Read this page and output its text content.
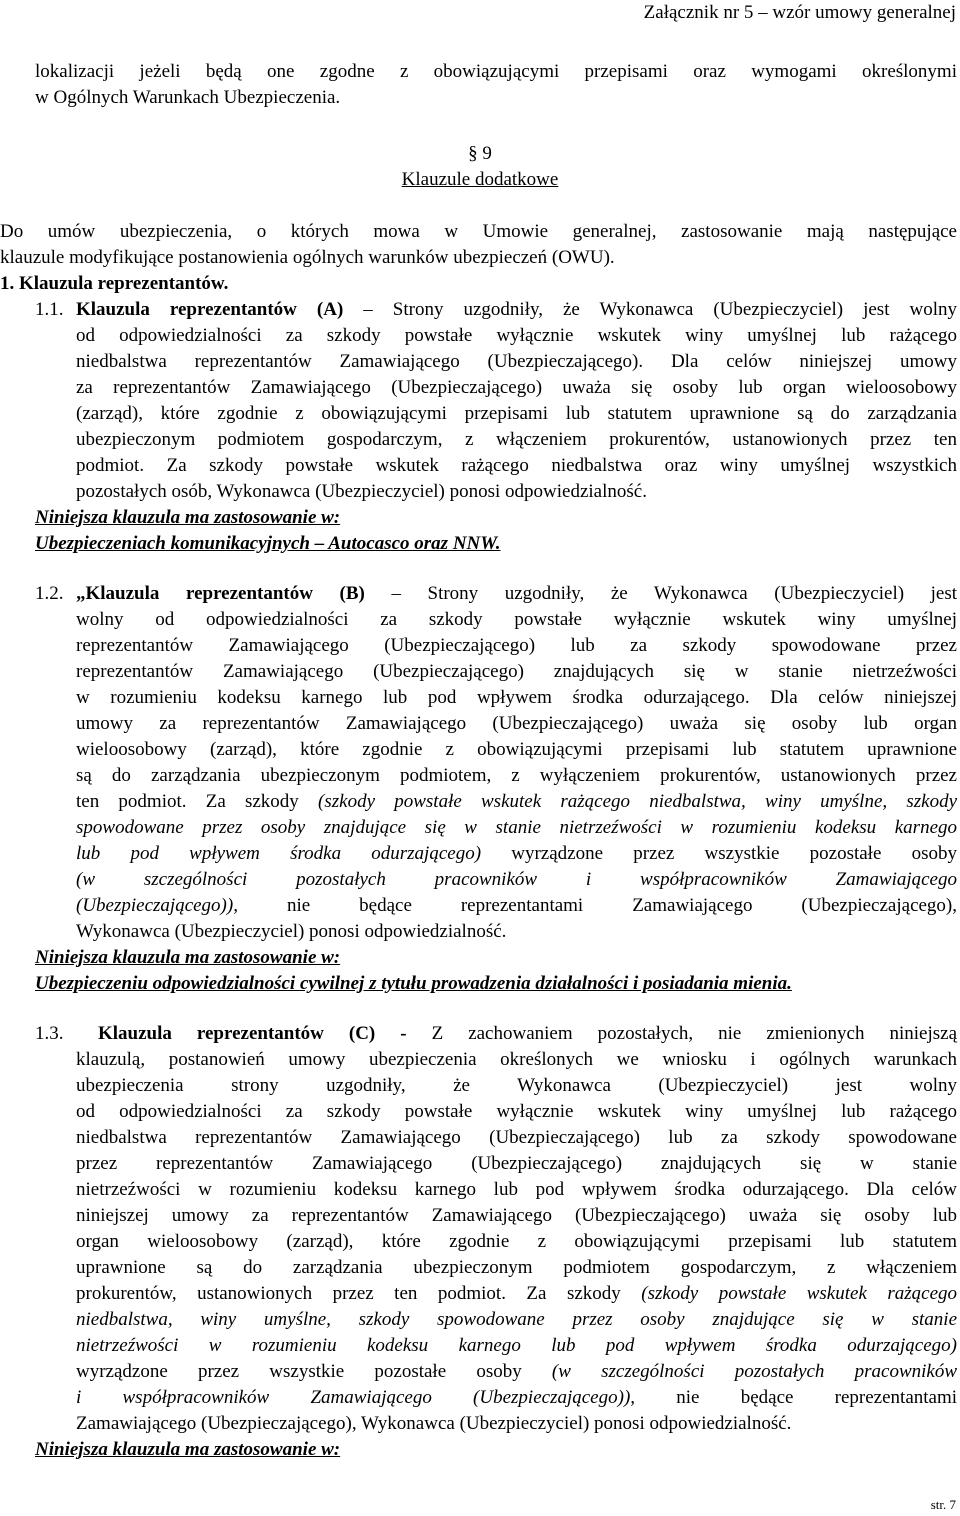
Załącznik nr 5 – wzór umowy generalnej
lokalizacji jeżeli będą one zgodne z obowiązującymi przepisami oraz wymogami określonymi
w Ogólnych Warunkach Ubezpieczenia.
§ 9
Klauzule dodatkowe
Do umów ubezpieczenia, o których mowa w Umowie generalnej, zastosowanie mają następujące
klauzule modyfikujące postanowienia ogólnych warunków ubezpieczeń (OWU).
1. Klauzula reprezentantów.
1.1. Klauzula reprezentantów (A) – Strony uzgodniły, że Wykonawca (Ubezpieczyciel) jest wolny
od odpowiedzialności za szkody powstałe wyłącznie wskutek winy umyślnej lub rażącego
niedbalstwa reprezentantów Zamawiającego (Ubezpieczającego). Dla celów niniejszej umowy
za reprezentantów Zamawiającego (Ubezpieczającego) uważa się osoby lub organ wieloosobowy
(zarząd), które zgodnie z obowiązującymi przepisami lub statutem uprawnione są do zarządzania
ubezpieczonym podmiotem gospodarczym, z włączeniem prokurentów, ustanowionych przez ten
podmiot. Za szkody powstałe wskutek rażącego niedbalstwa oraz winy umyślnej wszystkich
pozostałych osób, Wykonawca (Ubezpieczyciel) ponosi odpowiedzialność.
Niniejsza klauzula ma zastosowanie w:
Ubezpieczeniach komunikacyjnych – Autocasco oraz NNW.
1.2. „Klauzula reprezentantów (B) – Strony uzgodniły, że Wykonawca (Ubezpieczyciel) jest
wolny od odpowiedzialności za szkody powstałe wyłącznie wskutek winy umyślnej
reprezentantów Zamawiającego (Ubezpieczającego) lub za szkody spowodowane przez
reprezentantów Zamawiającego (Ubezpieczającego) znajdujących się w stanie nietrzeźwości
w rozumieniu kodeksu karnego lub pod wpływem środka odurzającego. Dla celów niniejszej
umowy za reprezentantów Zamawiającego (Ubezpieczającego) uważa się osoby lub organ
wieloosobowy (zarząd), które zgodnie z obowiązującymi przepisami lub statutem uprawnione
są do zarządzania ubezpieczonym podmiotem, z wyłączeniem prokurentów, ustanowionych przez
ten podmiot. Za szkody (szkody powstałe wskutek rażącego niedbalstwa, winy umyślne, szkody
spowodowane przez osoby znajdujące się w stanie nietrzeźwości w rozumieniu kodeksu karnego
lub pod wpływem środka odurzającego) wyrządzone przez wszystkie pozostałe osoby
(w szczególności pozostałych pracowników i współpracowników Zamawiającego
(Ubezpieczającego)),	nie będące reprezentantami Zamawiającego (Ubezpieczającego),
Wykonawca (Ubezpieczyciel) ponosi odpowiedzialność.
Niniejsza klauzula ma zastosowanie w:
Ubezpieczeniu odpowiedzialności cywilnej z tytułu prowadzenia działalności i posiadania mienia.
1.3. Klauzula reprezentantów (C) - Z zachowaniem pozostałych, nie zmienionych niniejszą
klauzulą, postanowień umowy ubezpieczenia określonych we wniosku i ogólnych warunkach
ubezpieczenia strony uzgodniły, że Wykonawca (Ubezpieczyciel) jest wolny
od odpowiedzialności za szkody powstałe wyłącznie wskutek winy umyślnej lub rażącego
niedbalstwa reprezentantów Zamawiającego (Ubezpieczającego) lub za szkody spowodowane
przez reprezentantów Zamawiającego (Ubezpieczającego) znajdujących się w stanie
nietrzeźwości w rozumieniu kodeksu karnego lub pod wpływem środka odurzającego. Dla celów
niniejszej umowy za reprezentantów Zamawiającego (Ubezpieczającego) uważa się osoby lub
organ wieloosobowy (zarząd), które zgodnie z obowiązującymi przepisami lub statutem
uprawnione są do zarządzania ubezpieczonym podmiotem gospodarczym, z włączeniem
prokurentów, ustanowionych przez ten podmiot. Za szkody (szkody powstałe wskutek rażącego
niedbalstwa, winy umyślne, szkody spowodowane przez osoby znajdujące się w stanie
nietrzeźwości w rozumieniu kodeksu karnego lub pod wpływem środka odurzającego)
wyrządzone przez wszystkie pozostałe osoby (w szczególności pozostałych pracowników
i współpracowników Zamawiającego (Ubezpieczającego)), nie będące reprezentantami
Zamawiającego (Ubezpieczającego), Wykonawca (Ubezpieczyciel) ponosi odpowiedzialność.
Niniejsza klauzula ma zastosowanie w:
str. 7
